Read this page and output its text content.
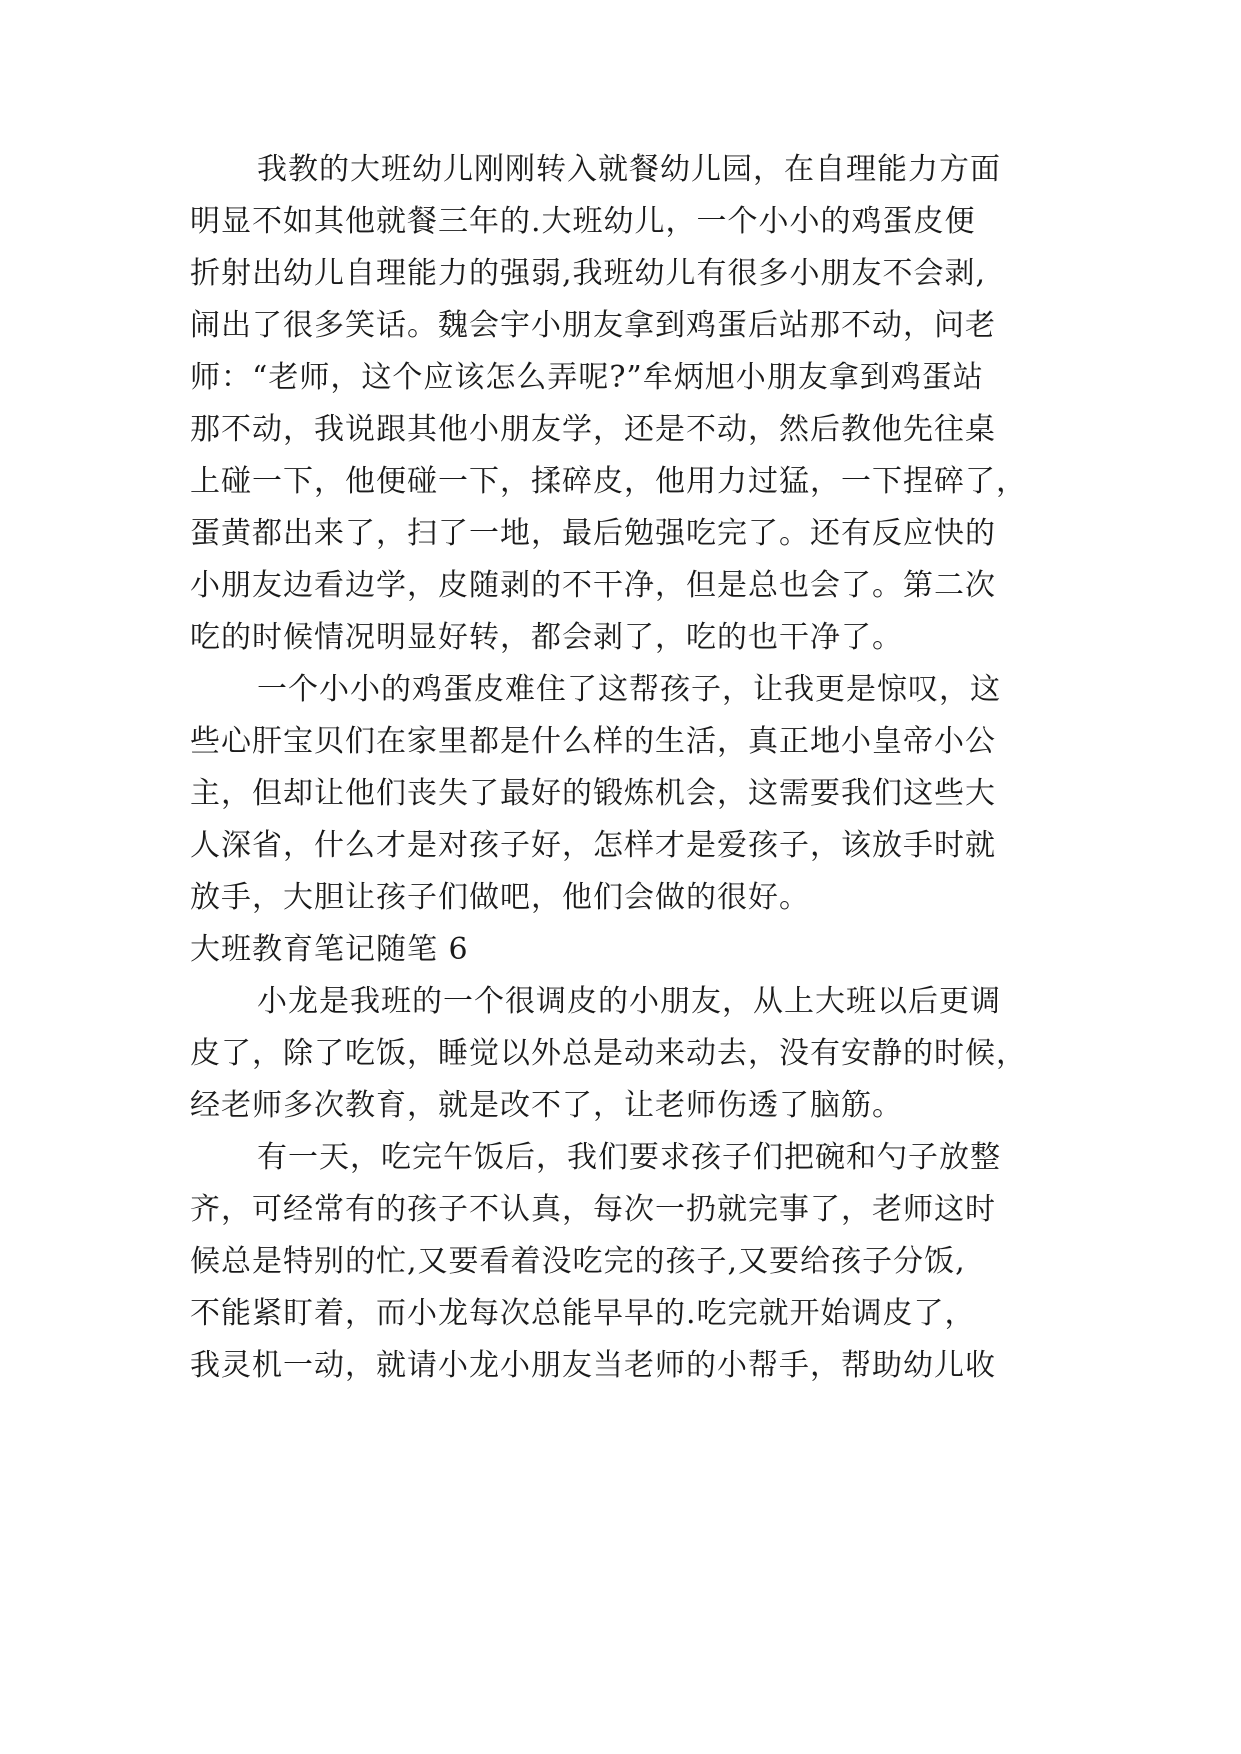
我教的大班幼儿刚刚转入就餐幼儿园，在自理能力方面
明显不如其他就餐三年的.大班幼儿，一个小小的鸡蛋皮便
折射出幼儿自理能力的强弱,我班幼儿有很多小朋友不会剥,
闹出了很多笑话。魏会宇小朋友拿到鸡蛋后站那不动，问老
师：“老师，这个应该怎么弄呢?”牟炳旭小朋友拿到鸡蛋站
那不动，我说跟其他小朋友学，还是不动，然后教他先往桌
上碰一下，他便碰一下，揉碎皮，他用力过猛，一下捏碎了，
蛋黄都出来了，扫了一地，最后勉强吃完了。还有反应快的
小朋友边看边学，皮随剥的不干净，但是总也会了。第二次
吃的时候情况明显好转，都会剥了，吃的也干净了。
一个小小的鸡蛋皮难住了这帮孩子，让我更是惊叹，这
些心肝宝贝们在家里都是什么样的生活，真正地小皇帝小公
主，但却让他们丧失了最好的锻炼机会，这需要我们这些大
人深省，什么才是对孩子好，怎样才是爱孩子，该放手时就
放手，大胆让孩子们做吧，他们会做的很好。
大班教育笔记随笔 6
小龙是我班的一个很调皮的小朋友，从上大班以后更调
皮了，除了吃饭，睡觉以外总是动来动去，没有安静的时候，
经老师多次教育，就是改不了，让老师伤透了脑筋。
有一天，吃完午饭后，我们要求孩子们把碗和勺子放整
齐，可经常有的孩子不认真，每次一扔就完事了，老师这时
候总是特别的忙,又要看着没吃完的孩子,又要给孩子分饭,
不能紧盯着，而小龙每次总能早早的.吃完就开始调皮了，
我灵机一动，就请小龙小朋友当老师的小帮手，帮助幼儿收
